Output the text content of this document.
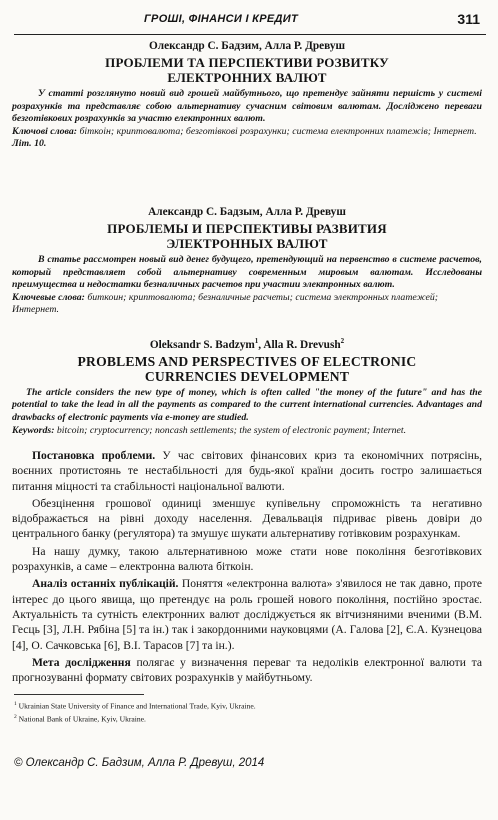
ГРОШІ, ФІНАНСИ І КРЕДИТ	311
Олександр С. Бадзим, Алла Р. Древуш
ПРОБЛЕМИ ТА ПЕРСПЕКТИВИ РОЗВИТКУ
ЕЛЕКТРОННИХ ВАЛЮТ
У статті розглянуто новий вид грошей майбутнього, що претендує зайняти першість у системі розрахунків та представляє собою альтернативу сучасним світовим валютам. Досліджено переваги безготівкових розрахунків за участю електронних валют.
Ключові слова: біткоін; криптовалюта; безготівкові розрахунки; система електронних платежів; Інтернет.
Літ. 10.
Александр С. Бадзым, Алла Р. Древуш
ПРОБЛЕМЫ И ПЕРСПЕКТИВЫ РАЗВИТИЯ
ЭЛЕКТРОННЫХ ВАЛЮТ
В статье рассмотрен новый вид денег будущего, претендующий на первенство в системе расчетов, который представляет собой альтернативу современным мировым валютам. Исследованы преимущества и недостатки безналичных расчетов при участии электронных валют.
Ключевые слова: биткоин; криптовалюта; безналичные расчеты; система электронных платежей; Интернет.
Oleksandr S. Badzym$^1$, Alla R. Drevush$^2$
PROBLEMS AND PERSPECTIVES OF ELECTRONIC
CURRENCIES DEVELOPMENT
The article considers the new type of money, which is often called "the money of the future" and has the potential to take the lead in all the payments as compared to the current international currencies. Advantages and drawbacks of electronic payments via e-money are studied.
Keywords: bitcoin; cryptocurrency; noncash settlements; the system of electronic payment; Internet.

Постановка проблеми. У час світових фінансових криз та економічних потрясінь, воєнних протистоянь те нестабільності для будь-якої країни досить гостро залишається питання міцності та стабільності національної валюти.

Обезцінення грошової одиниці зменшує купівельну спроможність та негативно відображається на рівні доходу населення. Девальвація підриває рівень довіри до центрального банку (регулятора) та змушує шукати альтернативу готівковим розрахункам.

На нашу думку, такою альтернативною може стати нове покоління безготівкових розрахунків, а саме – електронна валюта біткоін.

Аналіз останніх публікацій. Поняття «електронна валюта» з'явилося не так давно, проте інтерес до цього явища, що претендує на роль грошей нового покоління, постійно зростає. Актуальність та сутність електронних валют досліджується як вітчизняними вченими (В.М. Гесць [3], Л.Н. Рябіна [5] та ін.) так і закордонними науковцями (А. Галова [2], Є.А. Кузнецова [4], О. Сачковська [6], В.І. Тарасов [7] та ін.).

Мета дослідження полягає у визначення переваг та недоліків електронної валюти та прогнозуванні формату світових розрахунків у майбутньому.

$^1$ Ukrainian State University of Finance and International Trade, Kyiv, Ukraine.
$^2$ National Bank of Ukraine, Kyiv, Ukraine.
© Олександр С. Бадзим, Алла Р. Древуш, 2014
